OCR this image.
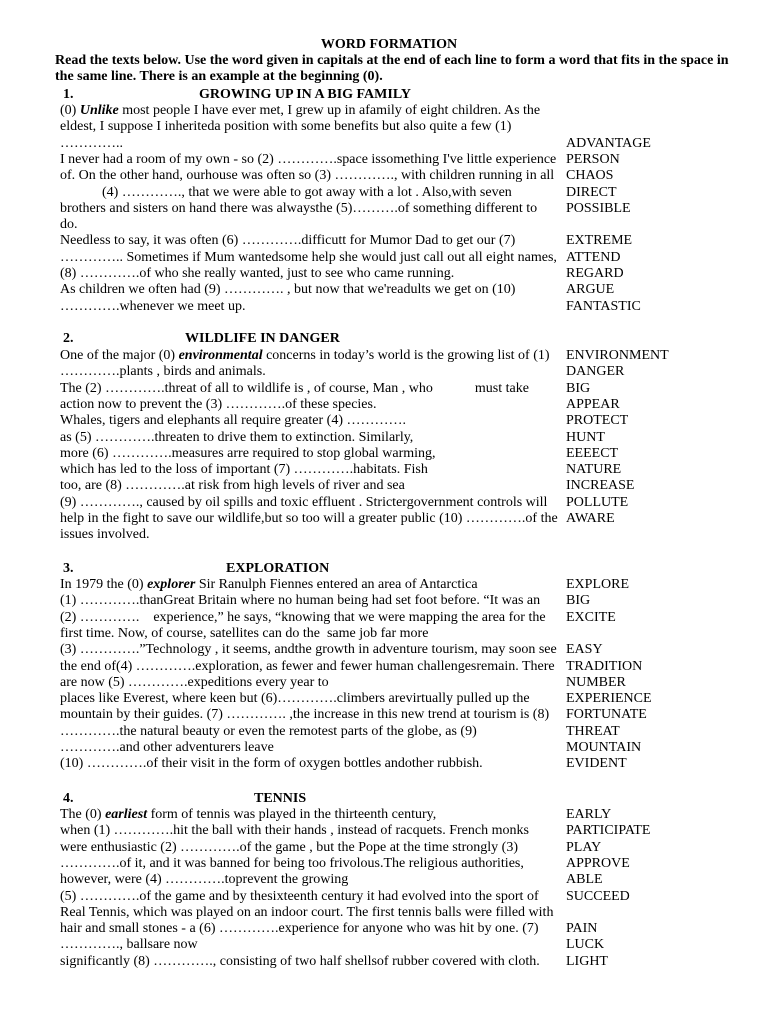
WORD FORMATION
Read the texts below. Use the word given in capitals at the end of each line to form a word that fits in the space in
the same line. There is an example at the beginning (0).
1.	GROWING UP IN A BIG FAMILY
(0) Unlike most people I have ever met, I grew up in afamily of eight children. As the
eldest, I suppose I inheriteda position with some benefits but also quite a few (1)
…………..	ADVANTAGE
I never had a room of my own - so (2) ………….space issomething I've little experience PERSON
of. On the other hand, ourhouse was often so (3) …………., with children running in all CHAOS
(4) …………., that we were able to got away with a lot . Also,with seven	DIRECT
brothers and sisters on hand there was alwaysthe (5)……….of something different to POSSIBLE
do.
Needless to say, it was often (6) ………….difficutt for Mumor Dad to get our (7)	EXTREME
………….. Sometimes if Mum wantedsome help she would just call out all eight names, ATTEND
(8) ………….of who she really wanted, just to see who came running.	REGARD
As children we often had (9) …………. , but now that we'readults we get on (10)	ARGUE
………….whenever we meet up.	FANTASTIC
2.	WILDLIFE IN DANGER
One of the major (0) environmental concerns in today’s world is the growing list of (1) ENVIRONMENT
………….plants , birds and animals.	DANGER
The (2) ………….threat of all to wildlife is , of course, Man , who            must take	BIG
action now to prevent the (3) ………….of these species.	APPEAR
Whales, tigers and elephants all require greater (4) ………….	PROTECT
as (5) ………….threaten to drive them to extinction. Similarly,	HUNT
more (6) ………….measures arre required to stop global warming,	EEEECT
which has led to the loss of important (7) ………….habitats. Fish	NATURE
too, are (8) ………….at risk from high levels of river and sea	INCREASE
(9) …………., caused by oil spills and toxic effluent . Strictergovernment controls will POLLUTE
help in the fight to save our wildlife,but so too will a greater public (10) ………….of the AWARE
issues involved.
3.	EXPLORATION
In 1979 the (0) explorer Sir Ranulph Fiennes entered an area of Antarctica	EXPLORE
(1) ………….thanGreat Britain where no human being had set foot before. “It was an BIG
(2) ………….    experience,” he says, “knowing that we were mapping the area for the EXCITE
first time. Now, of course, satellites can do the  same job far more
(3) ………….”Technology , it seems, andthe growth in adventure tourism, may soon see EASY
the end of(4) ………….exploration, as fewer and fewer human challengesremain. There TRADITION
are now (5) ………….expeditions every year to	NUMBER
places like Everest, where keen but (6)………….climbers arevirtually pulled up the	EXPERIENCE
mountain by their guides. (7) …………. ,the increase in this new trend at tourism is (8) FORTUNATE
………….the natural beauty or even the remotest parts of the globe, as (9)	THREAT
………….and other adventurers leave	MOUNTAIN
(10) ………….of their visit in the form of oxygen bottles andother rubbish.	EVIDENT
4.	TENNIS
The (0) earliest form of tennis was played in the thirteenth century,	EARLY
when (1) ………….hit the ball with their hands , instead of racquets. French monks	PARTICIPATE
were enthusiastic (2) ………….of the game , but the Pope at the time strongly (3)	PLAY
………….of it, and it was banned for being too frivolous.The religious authorities,	APPROVE
however, were (4) ………….toprevent the growing	ABLE
(5) ………….of the game and by thesixteenth century it had evolved into the sport of SUCCEED
Real Tennis, which was played on an indoor court. The first tennis balls were filled with
hair and small stones - a (6) ………….experience for anyone who was hit by one. (7) PAIN
…………., ballsare now	LUCK
significantly (8) …………., consisting of two half shellsof rubber covered with cloth. LIGHT
